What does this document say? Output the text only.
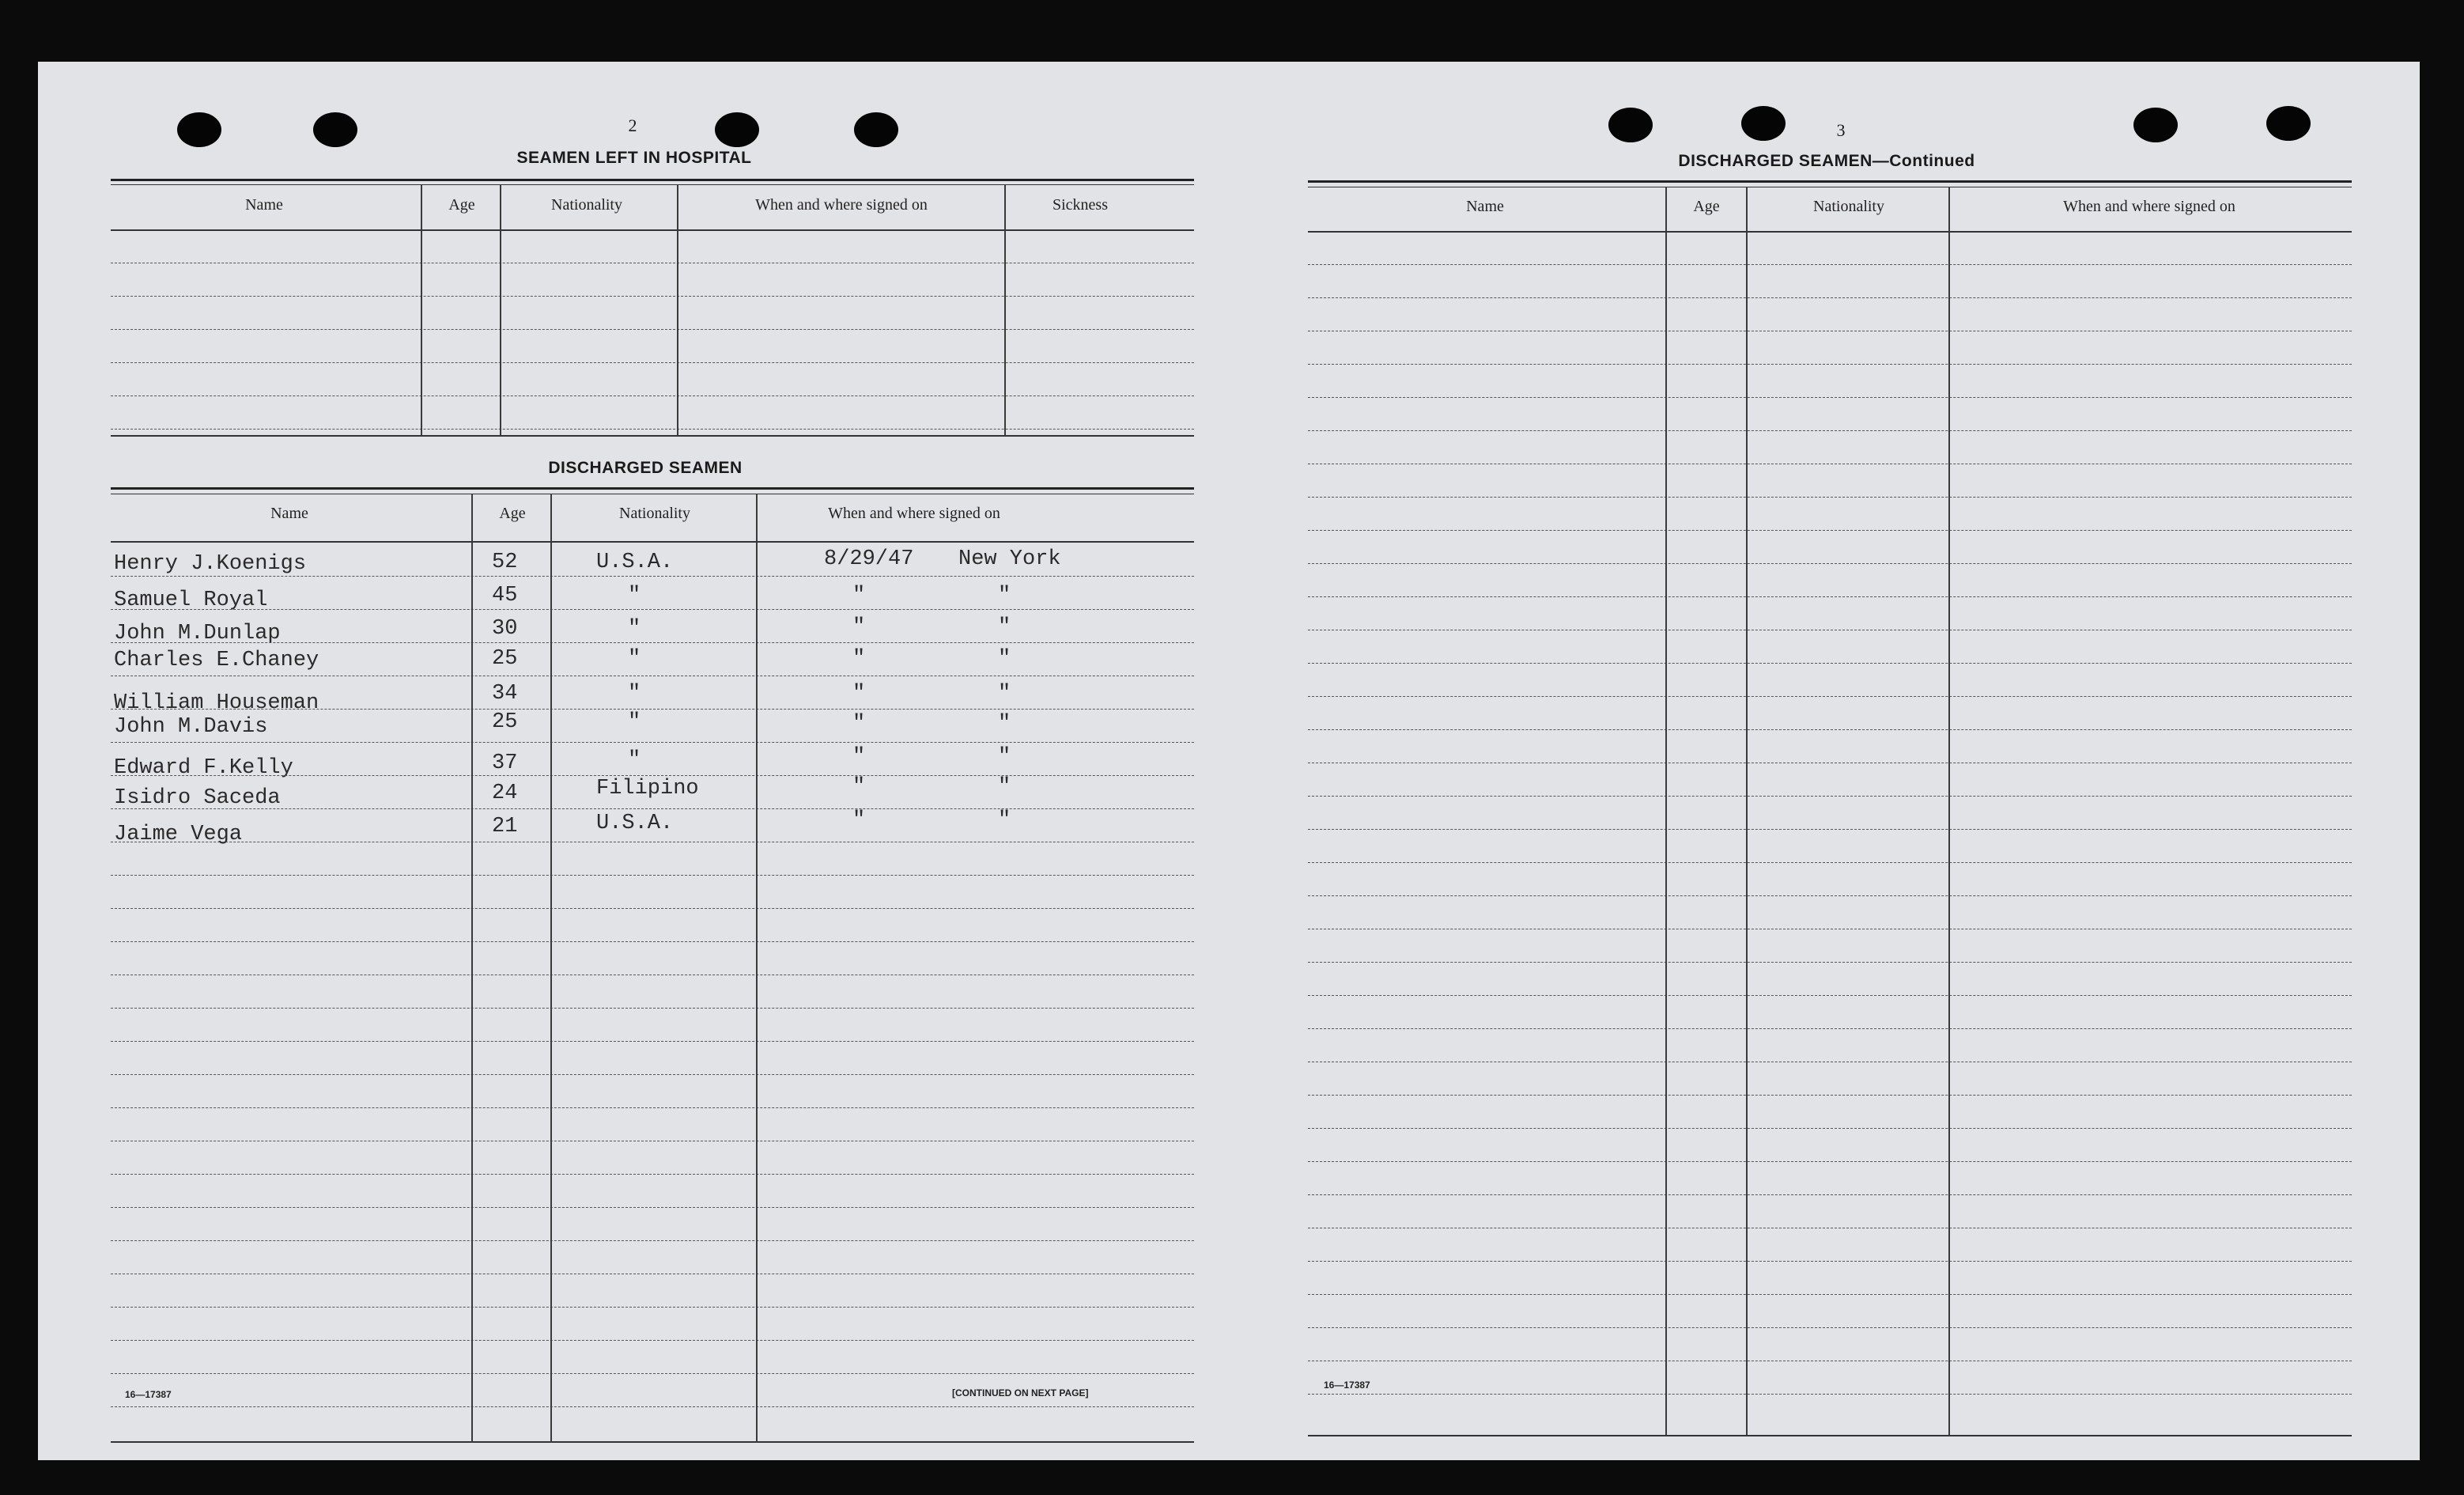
2
SEAMEN LEFT IN HOSPITAL
Name	Age	Nationality	When and where signed on	Sickness
DISCHARGED SEAMEN
Name	Age	Nationality	When and where signed on
Henry J.Koenigs	52	U.S.A.	8/29/47 New York
Samuel Royal	45	"	"	"
John M.Dunlap	30	"	"	"
Charles E.Chaney	25	"	"	"
William Houseman	34	"	"	"
John M.Davis	25	"	"	"
Edward F.Kelly	37	"	"	"
Isidro Saceda	24	Filipino	"	"
Jaime Vega	21	U.S.A.	"	"
16—17387	[CONTINUED ON NEXT PAGE]
3
DISCHARGED SEAMEN—Continued
Name	Age	Nationality	When and where signed on
16—17387
